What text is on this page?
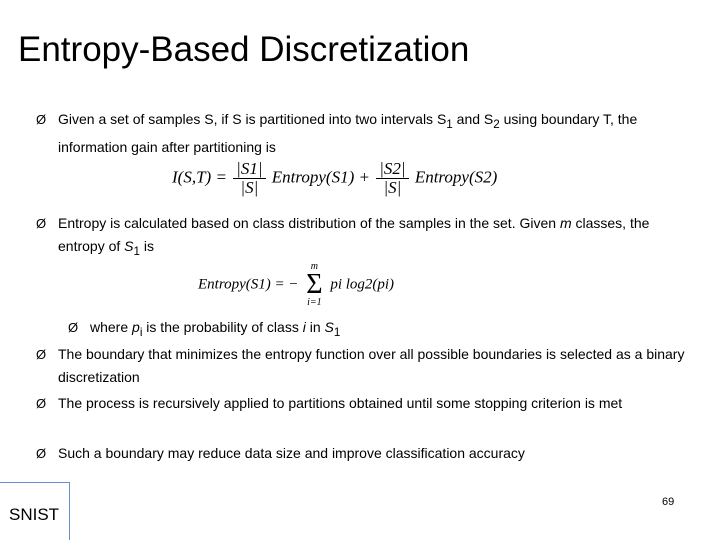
Entropy-Based Discretization
Ø Given a set of samples S, if S is partitioned into two intervals $S_1$ and $S_2$ using boundary T, the information gain after partitioning is
$I(S,T) = \frac{|S1|}{|S|}$ Entropy(S1) + $\frac{|S2|}{|S|}$ Entropy(S2)
Ø Entropy is calculated based on class distribution of the samples in the set. Given m classes, the entropy of $S_1$ is
Entropy(S1) = −
m
Σ
i=1
pi log2(pi)
Ø where $p_i$ is the probability of class i in $S_1$
Ø The boundary that minimizes the entropy function over all possible boundaries is selected as a binary discretization
Ø The process is recursively applied to partitions obtained until some stopping criterion is met
Ø Such a boundary may reduce data size and improve classification accuracy
SNIST
69
